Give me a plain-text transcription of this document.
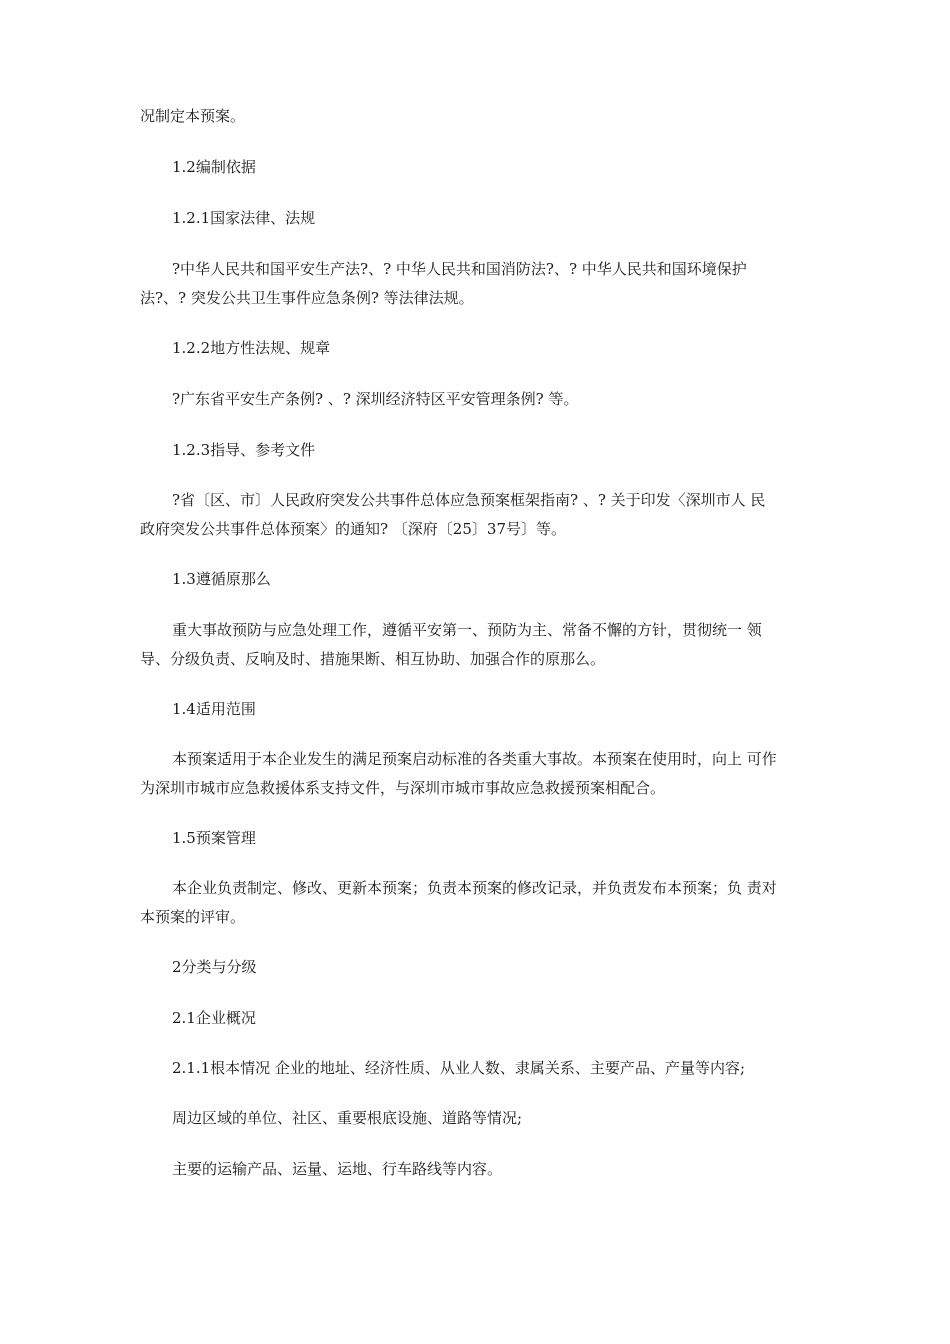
况制定本预案。
1.2编制依据
1.2.1国家法律、法规
?中华人民共和国平安生产法?、? 中华人民共和国消防法?、? 中华人民共和国环境保护
法?、? 突发公共卫生事件应急条例? 等法律法规。
1.2.2地方性法规、规章
?广东省平安生产条例? 、? 深圳经济特区平安管理条例? 等。
1.2.3指导、参考文件
?省〔区、市〕人民政府突发公共事件总体应急预案框架指南? 、? 关于印发〈深圳市人 民
政府突发公共事件总体预案〉的通知? 〔深府〔25〕37号〕等。
1.3遵循原那么
重大事故预防与应急处理工作，遵循平安第一、预防为主、常备不懈的方针，贯彻统一 领
导、分级负责、反响及时、措施果断、相互协助、加强合作的原那么。
1.4适用范围
本预案适用于本企业发生的满足预案启动标准的各类重大事故。本预案在使用时，向上 可作
为深圳市城市应急救援体系支持文件，与深圳市城市事故应急救援预案相配合。
1.5预案管理
本企业负责制定、修改、更新本预案；负责本预案的修改记录，并负责发布本预案；负 责对
本预案的评审。
2分类与分级
2.1企业概况
2.1.1根本情况 企业的地址、经济性质、从业人数、隶属关系、主要产品、产量等内容;
周边区域的单位、社区、重要根底设施、道路等情况;
主要的运输产品、运量、运地、行车路线等内容。
